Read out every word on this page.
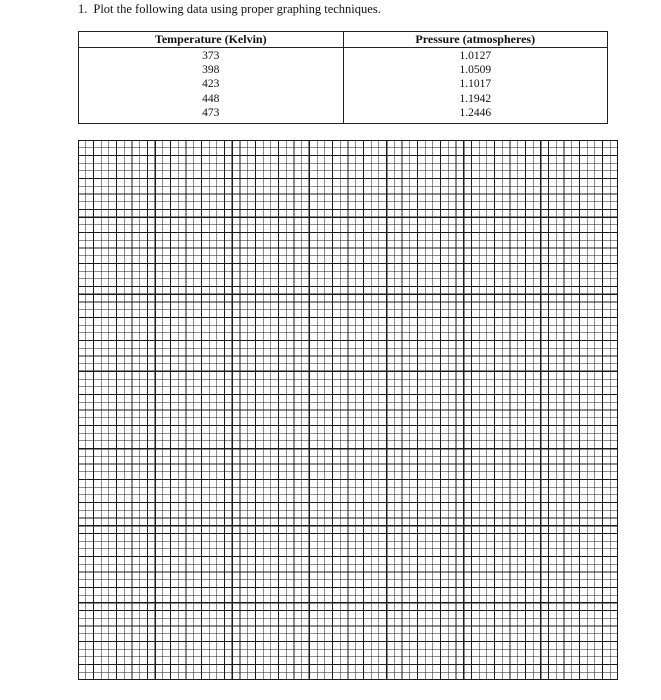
1. Plot the following data using proper graphing techniques.
Temperature (Kelvin)	Pressure (atmospheres)
373
398
423
448
473
1.0127
1.0509
1.1017
1.1942
1.2446
